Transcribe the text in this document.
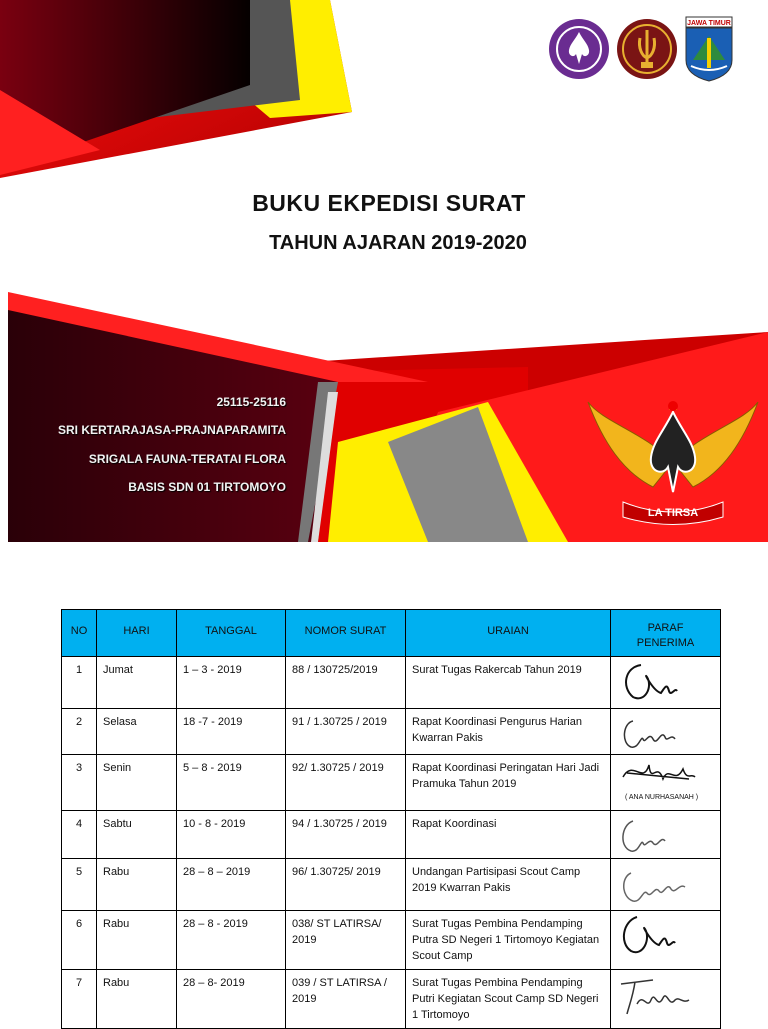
JAWA TIMUR
BUKU EKPEDISI SURAT
TAHUN AJARAN 2019-2020
LA TIRSA
25115-25116
SRI KERTARAJASA-PRAJNAPARAMITA
SRIGALA FAUNA-TERATAI FLORA
BASIS SDN 01 TIRTOMOYO
NO	HARI	TANGGAL	NOMOR SURAT	URAIAN	PARAF PENERIMA
1	Jumat	1 – 3 - 2019	88 / 130725/2019	Surat Tugas Rakercab Tahun 2019	

2	Selasa	18 -7 - 2019	91 / 1.30725 / 2019	Rapat Koordinasi Pengurus Harian Kwarran Pakis	

3	Senin	5 – 8 - 2019	92/ 1.30725 / 2019	Rapat Koordinasi Peringatan Hari Jadi Pramuka Tahun 2019	( ANA NURHASANAH )

4	Sabtu	10 - 8 - 2019	94 / 1.30725 / 2019	Rapat Koordinasi	

5	Rabu	28 – 8 – 2019	96/ 1.30725/ 2019	Undangan Partisipasi Scout Camp 2019 Kwarran Pakis	

6	Rabu	28 – 8 - 2019	038/ ST LATIRSA/ 2019	Surat Tugas Pembina Pendamping Putra SD Negeri 1 Tirtomoyo Kegiatan Scout Camp	

7	Rabu	28 – 8- 2019	039 / ST LATIRSA / 2019	Surat Tugas Pembina Pendamping Putri Kegiatan Scout Camp SD Negeri 1 Tirtomoyo	
